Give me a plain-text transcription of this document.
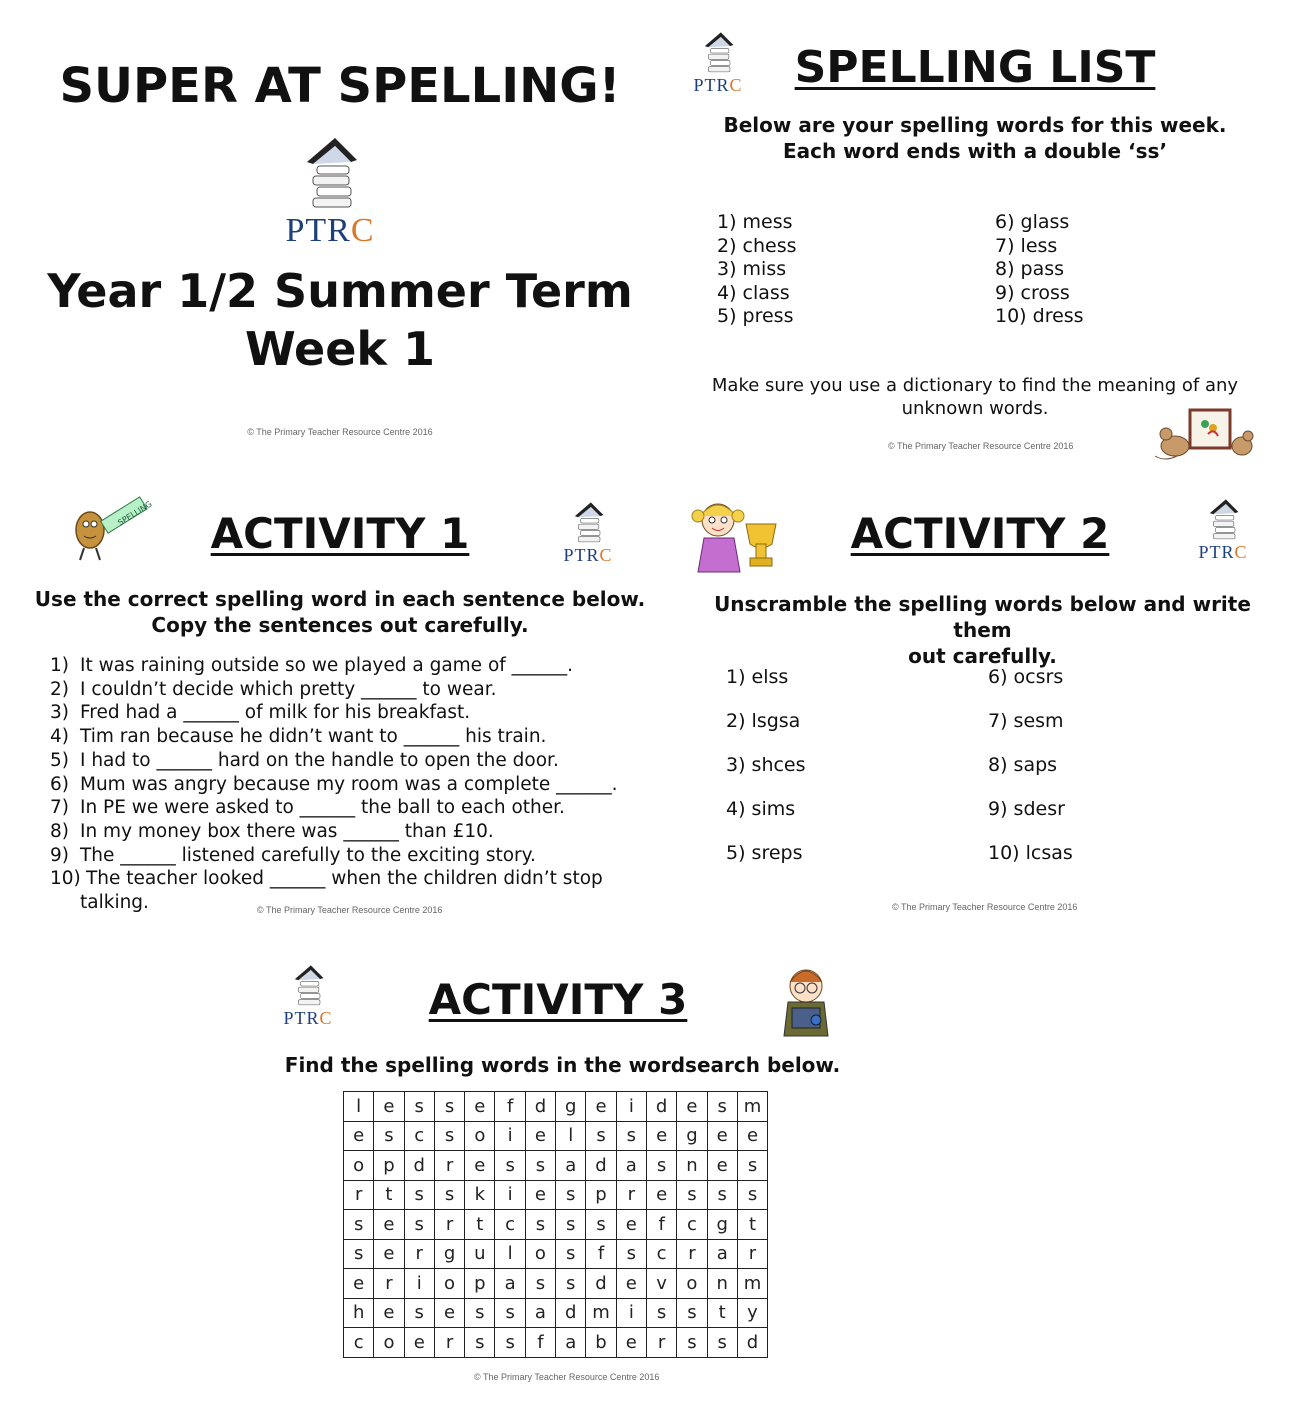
SUPER AT SPELLING!
PTRC
Year 1/2 Summer Term
Week 1
© The Primary Teacher Resource Centre 2016
PTRC SPELLING LIST
Below are your spelling words for this week.
Each word ends with a double ‘ss’
1) mess
2) chess
3) miss
4) class
5) press
6) glass
7) less
8) pass
9) cross
10) dress
Make sure you use a dictionary to find the meaning of any
unknown words.
© The Primary Teacher Resource Centre 2016
SPELLING	ACTIVITY 1	PTRC
Use the correct spelling word in each sentence below.
Copy the sentences out carefully.
1) It was raining outside so we played a game of ______.
2) I couldn’t decide which pretty ______ to wear.
3) Fred had a ______ of milk for his breakfast.
4) Tim ran because he didn’t want to ______ his train.
5) I had to ______ hard on the handle to open the door.
6) Mum was angry because my room was a complete ______.
7) In PE we were asked to ______ the ball to each other.
8) In my money box there was ______ than £10.
9) The ______ listened carefully to the exciting story.
10) The teacher looked ______ when the children didn’t stop
talking.	© The Primary Teacher Resource Centre 2016
ACTIVITY 2	PTRC
Unscramble the spelling words below and write them
out carefully.
1) elss
2) lsgsa
3) shces
4) sims
5) sreps
6) ocsrs
7) sesm
8) saps
9) sdesr
10) lcsas
© The Primary Teacher Resource Centre 2016
PTRC	ACTIVITY 3
Find the spelling words in the wordsearch below.
l	e	s	s	e	f	d	g	e	i	d	e	s	m
e	s	c	s	o	i	e	l	s	s	e	g	e	e
o	p	d	r	e	s	s	a	d	a	s	n	e	s
r	t	s	s	k	i	e	s	p	r	e	s	s	s
s	e	s	r	t	c	s	s	s	e	f	c	g	t
s	e	r	g	u	l	o	s	f	s	c	r	a	r
e	r	i	o	p	a	s	s	d	e	v	o	n	m
h	e	s	e	s	s	a	d	m	i	s	s	t	y
c	o	e	r	s	s	f	a	b	e	r	s	s	d
© The Primary Teacher Resource Centre 2016
